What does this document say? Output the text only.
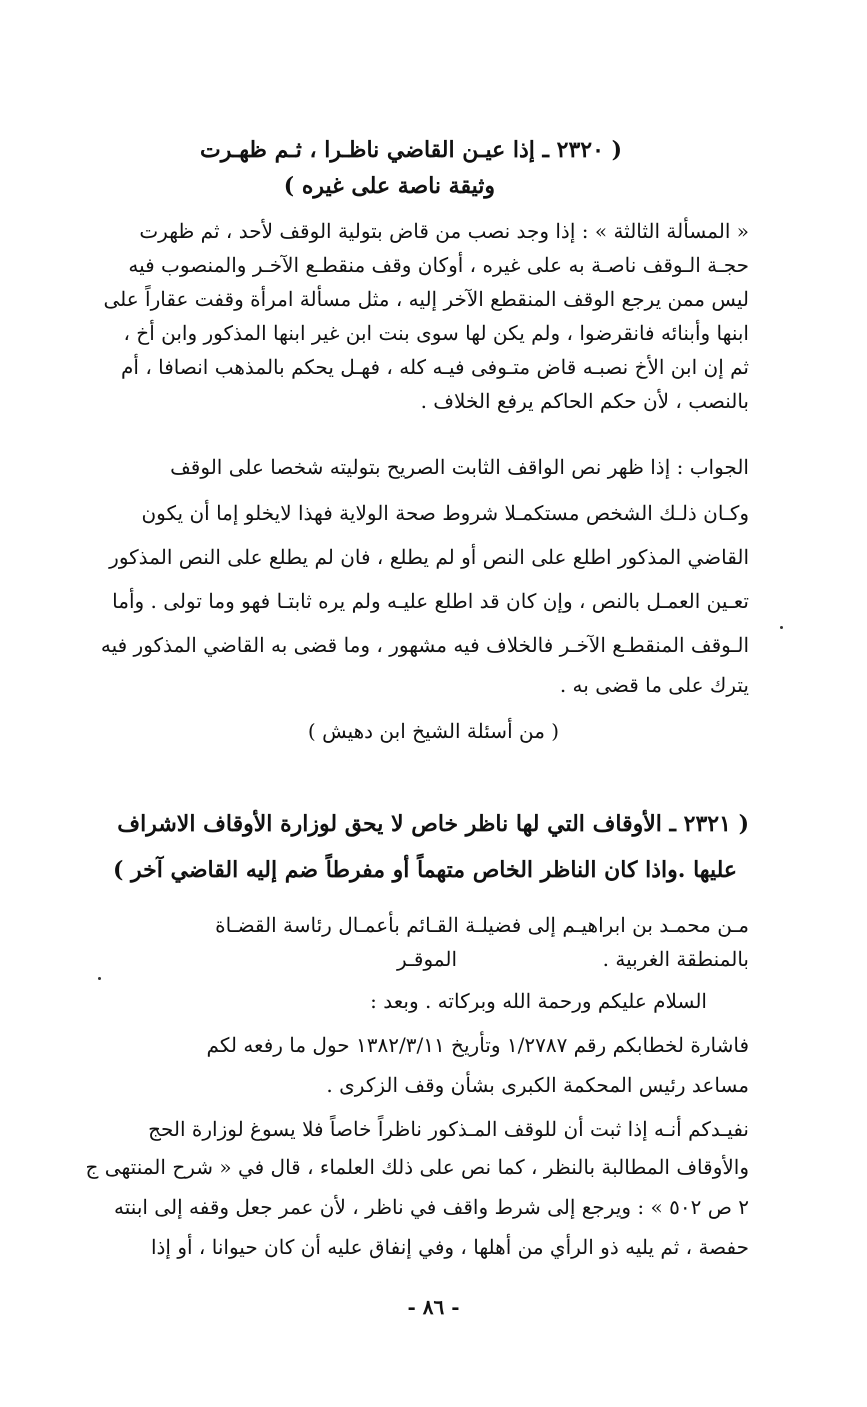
( ٢٣٢٠ ـ إذا عيـن القاضي ناظـرا ، ثـم ظهـرت
وثيقة ناصة على غيره )
« المسألة الثالثة » : إذا وجد نصب من قاض بتولية الوقف لأحد ، ثم ظهرت
حجـة الـوقف ناصـة به على غيره ، أوكان وقف منقطـع الآخـر والمنصوب فيه
ليس ممن يرجع الوقف المنقطع الآخر إليه ، مثل مسألة امرأة وقفت عقاراً على
ابنها وأبنائه فانقرضوا ، ولم يكن لها سوى بنت ابن غير ابنها المذكور وابن أخ ،
ثم إن ابن الأخ نصبـه قاض متـوفى فيـه كله ، فهـل يحكم بالمذهب انصافا ، أم
بالنصب ، لأن حكم الحاكم يرفع الخلاف .
الجواب : إذا ظهر نص الواقف الثابت الصريح بتوليته شخصا على الوقف
وكـان ذلـك الشخص مستكمـلا شروط صحة الولاية فهذا لايخلو إما أن يكون
القاضي المذكور اطلع على النص أو لم يطلع ، فان لم يطلع على النص المذكور
تعـين العمـل بالنص ، وإن كان قد اطلع عليـه ولم يره ثابتـا فهو وما تولى . وأما
الـوقف المنقطـع الآخـر فالخلاف فيه مشهور ، وما قضى به القاضي المذكور فيه
يترك على ما قضى به .
( من أسئلة الشيخ ابن دهيش )
( ٢٣٢١ ـ الأوقاف التي لها ناظر خاص لا يحق لوزارة الأوقاف الاشراف
عليها .واذا كان الناظر الخاص متهماً أو مفرطاً ضم إليه القاضي آخر )
مـن محمـد بن ابراهيـم إلى فضيلـة القـائم بأعمـال رئاسة القضـاة
بالمنطقة الغربية .
الموقـر
السلام عليكم ورحمة الله وبركاته . وبعد :
فاشارة لخطابكم رقم ١/٢٧٨٧ وتأريخ ١٣٨٢/٣/١١ حول ما رفعه لكم
مساعد رئيس المحكمة الكبرى بشأن وقف الزكرى .
نفيـدكم أنـه إذا ثبت أن للوقف المـذكور ناظراً خاصاً فلا يسوغ لوزارة الحج
والأوقاف المطالبة بالنظر ، كما نص على ذلك العلماء ، قال في « شرح المنتهى ج
٢ ص ٥٠٢ » : ويرجع إلى شرط واقف في ناظر ، لأن عمر جعل وقفه إلى ابنته
حفصة ، ثم يليه ذو الرأي من أهلها ، وفي إنفاق عليه أن كان حيوانا ، أو إذا
- ٨٦ -
